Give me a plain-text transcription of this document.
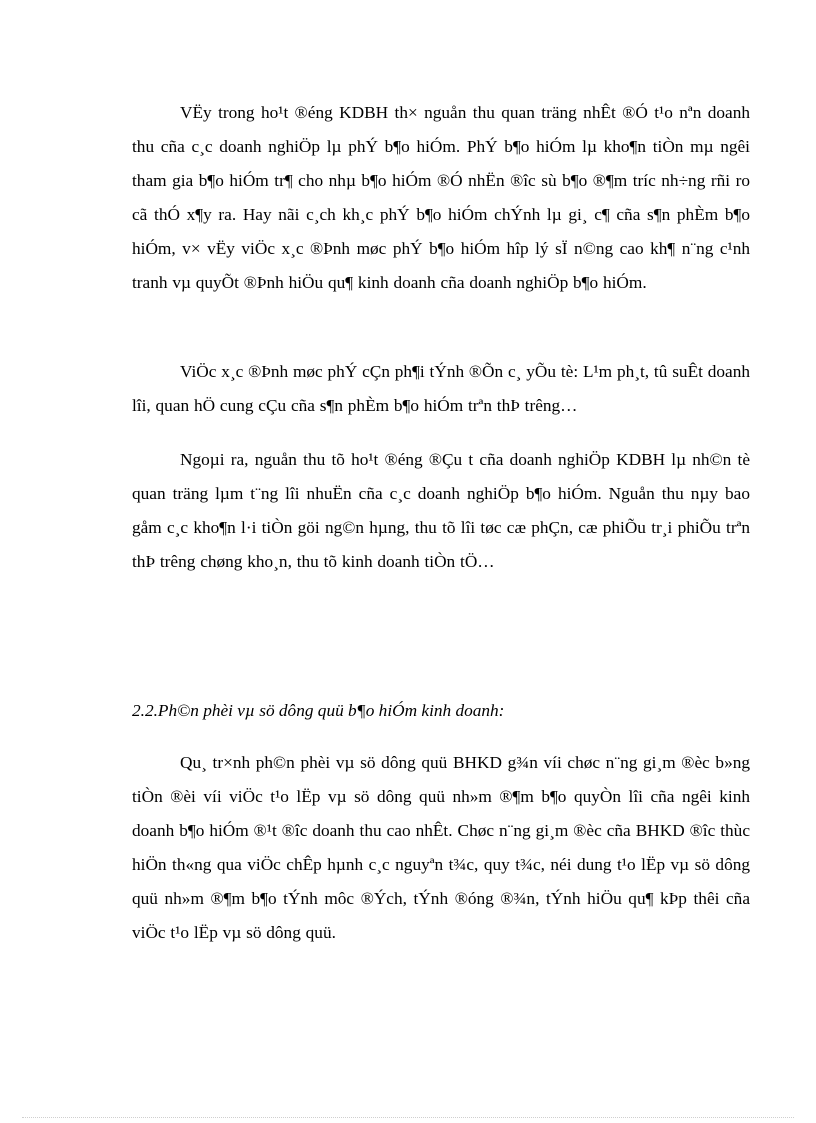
VËy trong ho¹t ®éng KDBH th× nguån thu quan träng nhÊt ®Ó t¹o nªn doanh thu cña c¸c doanh nghiÖp lµ phÝ b¶o hiÓm. PhÝ b¶o hiÓm lµ kho¶n tiÒn mµ ngêi tham gia b¶o hiÓm tr¶ cho nhµ b¶o hiÓm ®Ó nhËn ®îc sù b¶o ®¶m tríc nh÷ng rñi ro cã thÓ x¶y ra. Hay nãi c¸ch kh¸c phÝ b¶o hiÓm chÝnh lµ gi¸ c¶ cña s¶n phÈm b¶o hiÓm, v× vËy viÖc x¸c ®Þnh møc phÝ b¶o hiÓm hîp lý sÏ n©ng cao kh¶ n¨ng c¹nh tranh vµ quyÕt ®Þnh hiÖu qu¶ kinh doanh cña doanh nghiÖp b¶o hiÓm.

ViÖc x¸c ®Þnh møc phÝ cÇn ph¶i tÝnh ®Õn c¸ yÕu tè: L¹m ph¸t, tû suÊt doanh lîi, quan hÖ cung cÇu cña s¶n phÈm b¶o hiÓm trªn thÞ trêng…

Ngoµi ra, nguån thu tõ ho¹t ®éng ®Çu t cña doanh nghiÖp KDBH lµ nh©n tè quan träng lµm t¨ng lîi nhuËn cña c¸c doanh nghiÖp b¶o hiÓm. Nguån thu nµy bao gåm c¸c kho¶n l·i tiÒn göi ng©n hµng, thu tõ lîi tøc cæ phÇn, cæ phiÕu tr¸i phiÕu trªn thÞ trêng chøng kho¸n, thu tõ kinh doanh tiÒn tÖ…

2.2.Ph©n phèi vµ sö dông quü b¶o hiÓm kinh doanh:

Qu¸ tr×nh ph©n phèi vµ sö dông quü BHKD g¾n víi chøc n¨ng gi¸m ®èc b»ng tiÒn ®èi víi viÖc t¹o lËp vµ sö dông quü nh»m ®¶m b¶o quyÒn lîi cña ngêi kinh doanh b¶o hiÓm ®¹t ®îc doanh thu cao nhÊt. Chøc n¨ng gi¸m ®èc cña BHKD ®îc thùc hiÖn th«ng qua viÖc chÊp hµnh c¸c nguyªn t¾c, quy t¾c, néi dung t¹o lËp vµ sö dông quü nh»m ®¶m b¶o tÝnh môc ®Ých, tÝnh ®óng ®¾n, tÝnh hiÖu qu¶ kÞp thêi cña viÖc t¹o lËp vµ sö dông quü.
